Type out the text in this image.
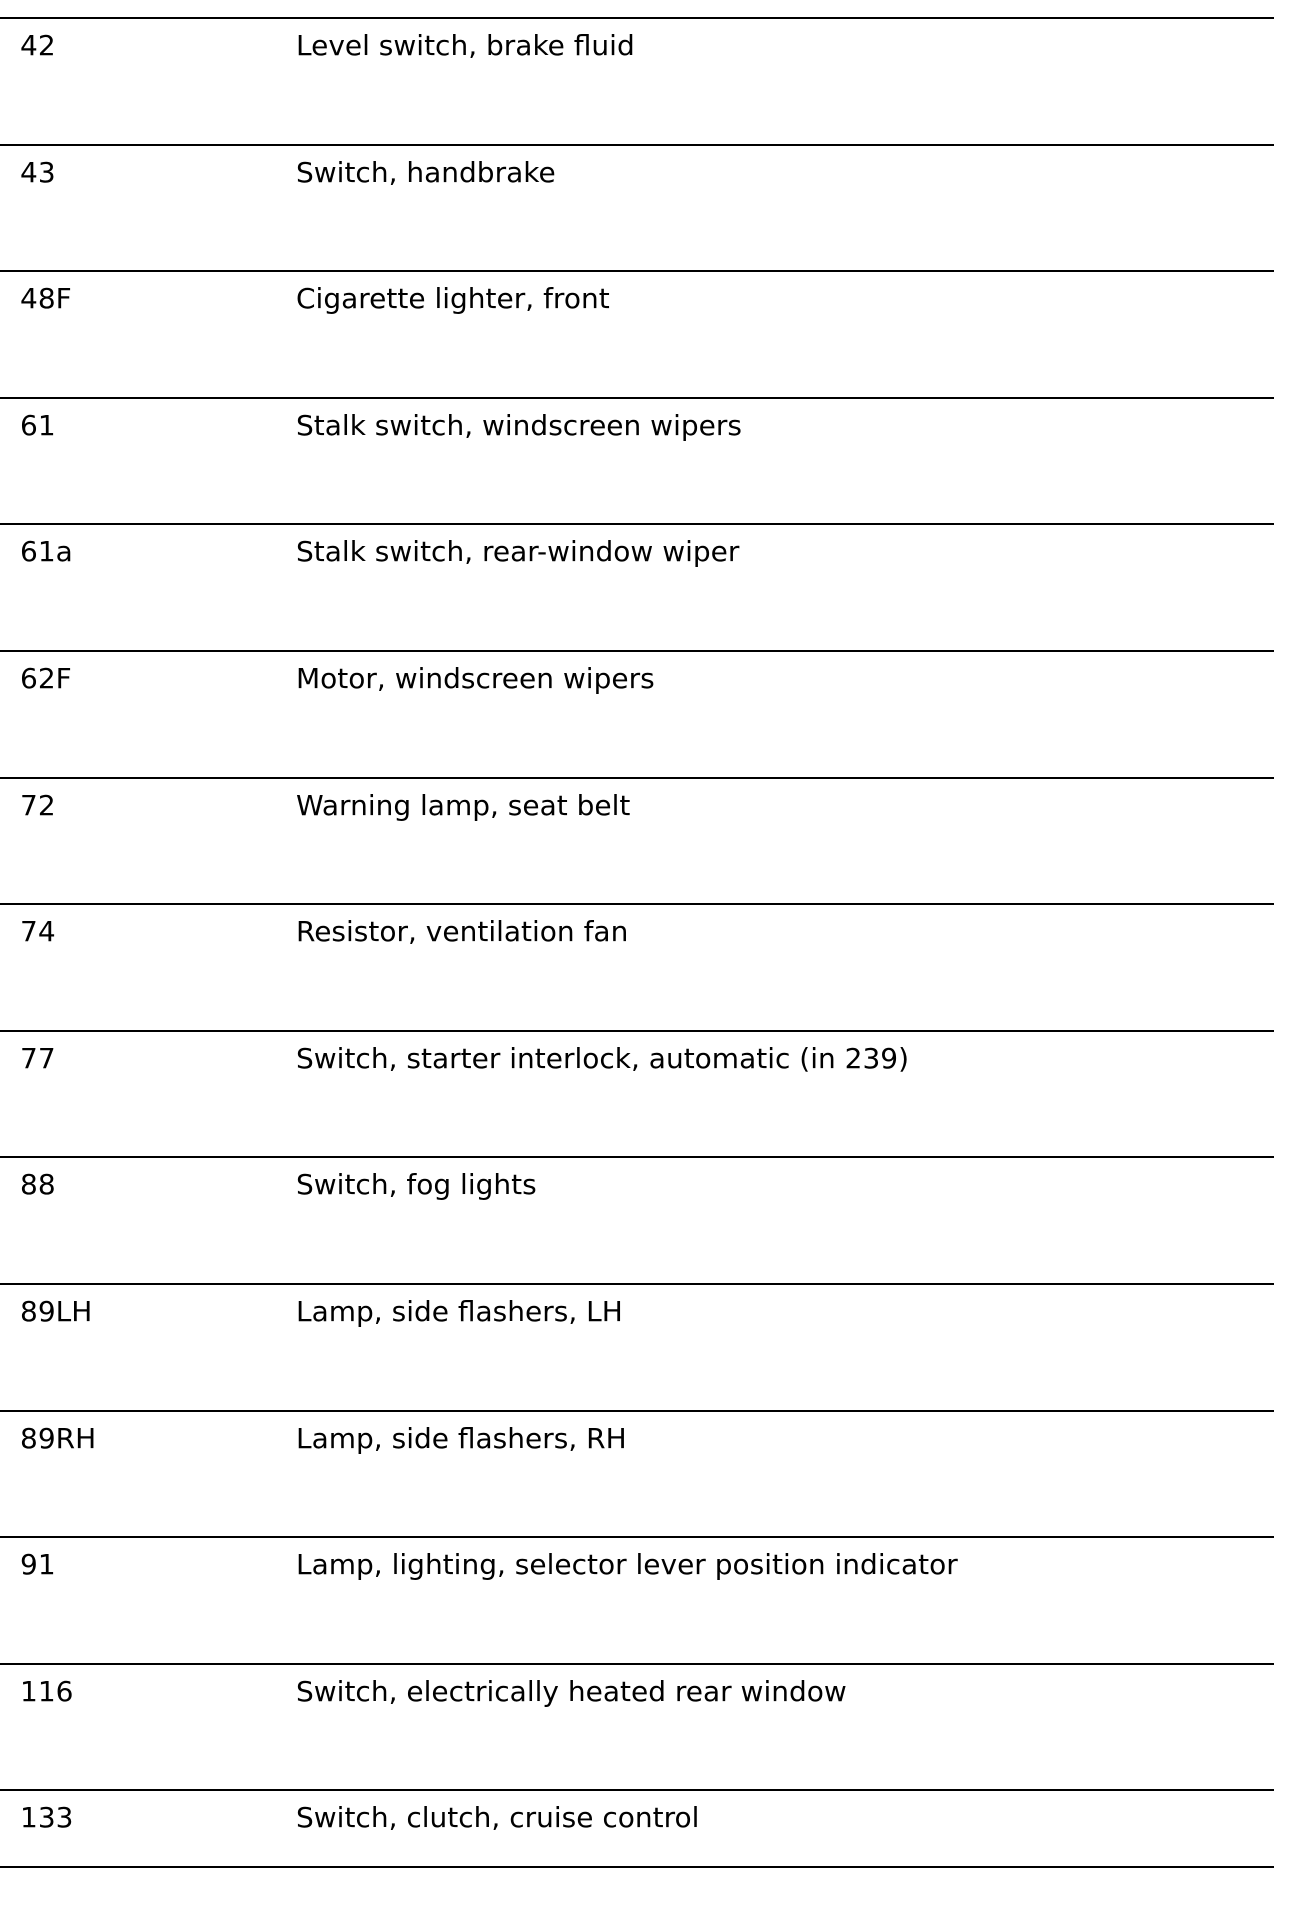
42	Level switch, brake fluid
43	Switch, handbrake
48F	Cigarette lighter, front
61	Stalk switch, windscreen wipers
61a	Stalk switch, rear-window wiper
62F	Motor, windscreen wipers
72	Warning lamp, seat belt
74	Resistor, ventilation fan
77	Switch, starter interlock, automatic (in 239)
88	Switch, fog lights
89LH	Lamp, side flashers, LH
89RH	Lamp, side flashers, RH
91	Lamp, lighting, selector lever position indicator
116	Switch, electrically heated rear window
133	Switch, clutch, cruise control
